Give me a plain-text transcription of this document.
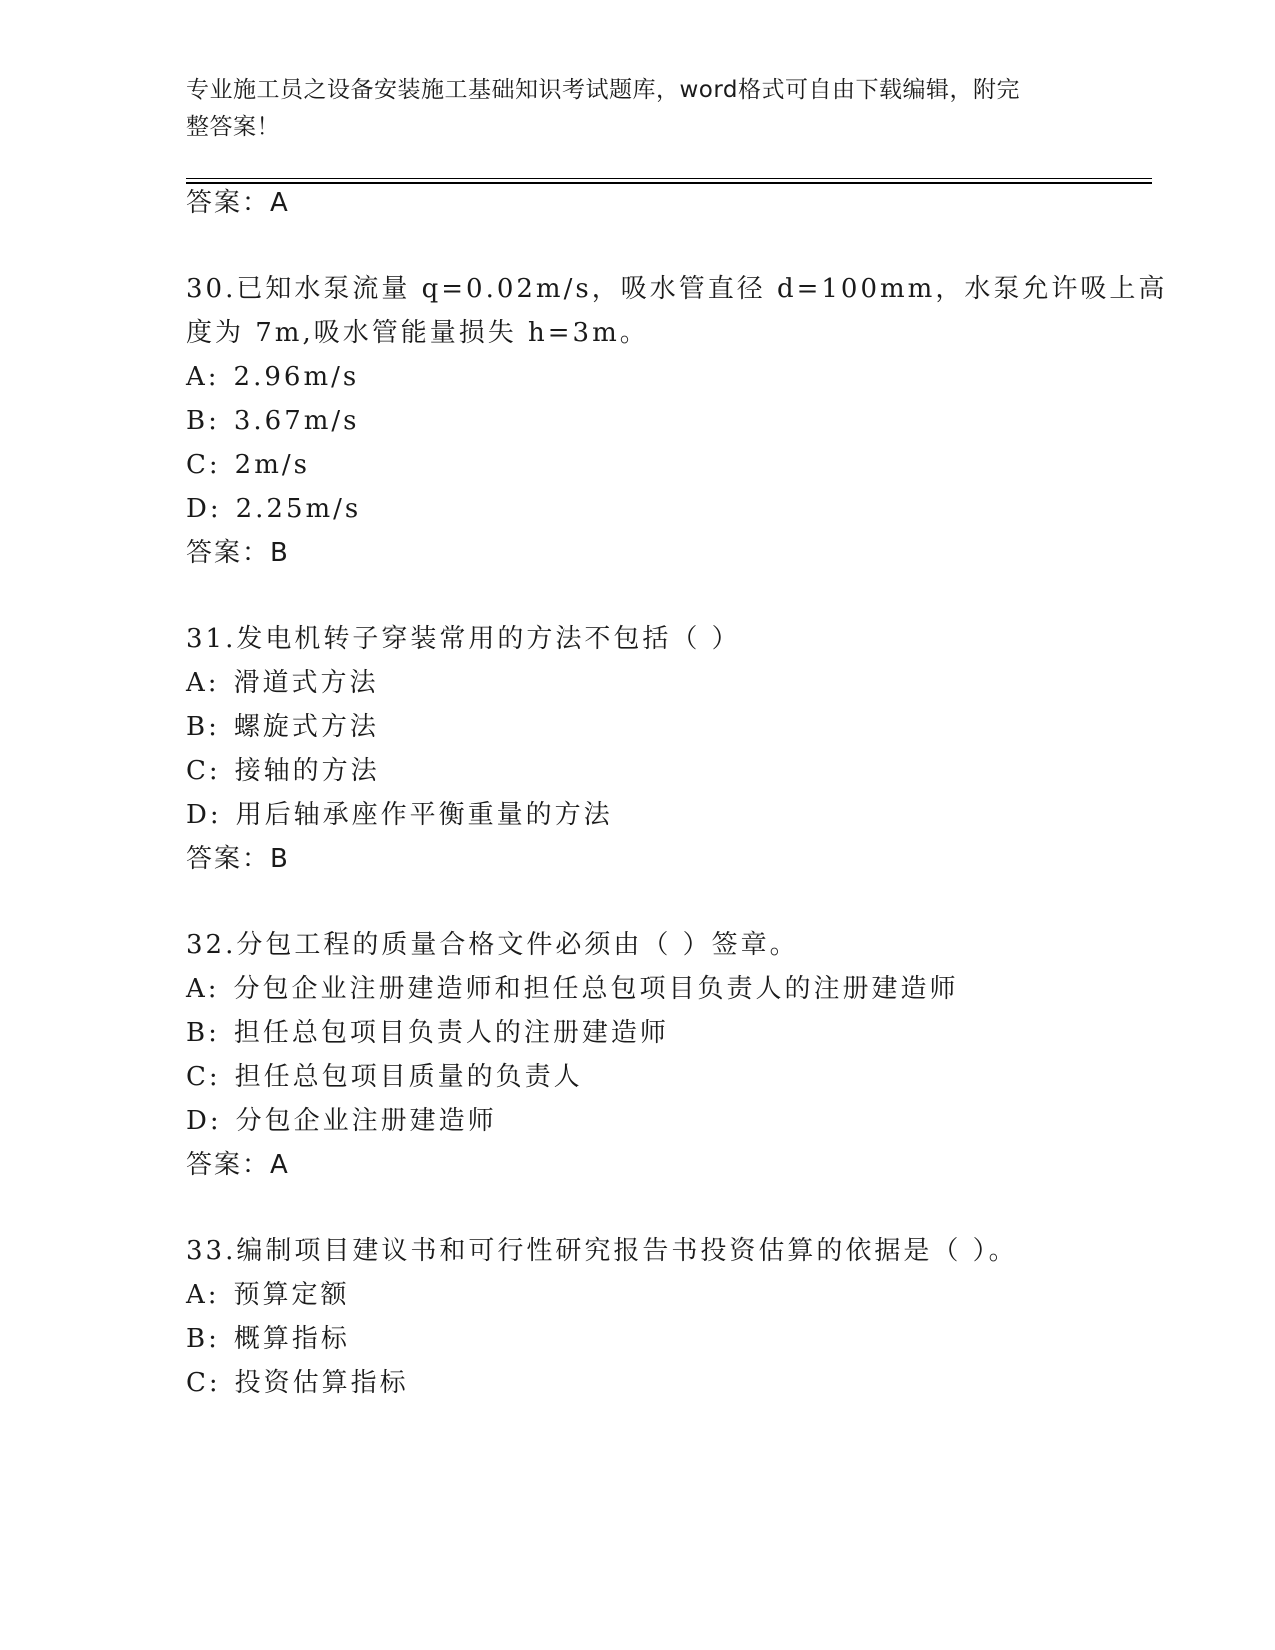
专业施工员之设备安装施工基础知识考试题库，word格式可自由下载编辑，附完
整答案！
答案：A
30.已知水泵流量 q=0.02m/s，吸水管直径 d=100mm，水泵允许吸上高
度为 7m,吸水管能量损失 h=3m。
A: 2.96m/s
B: 3.67m/s
C: 2m/s
D: 2.25m/s
答案：B
31.发电机转子穿装常用的方法不包括（ ）
A: 滑道式方法
B: 螺旋式方法
C: 接轴的方法
D: 用后轴承座作平衡重量的方法
答案：B
32.分包工程的质量合格文件必须由（ ）签章。
A: 分包企业注册建造师和担任总包项目负责人的注册建造师
B: 担任总包项目负责人的注册建造师
C: 担任总包项目质量的负责人
D: 分包企业注册建造师
答案：A
33.编制项目建议书和可行性研究报告书投资估算的依据是（ ）。
A: 预算定额
B: 概算指标
C: 投资估算指标
